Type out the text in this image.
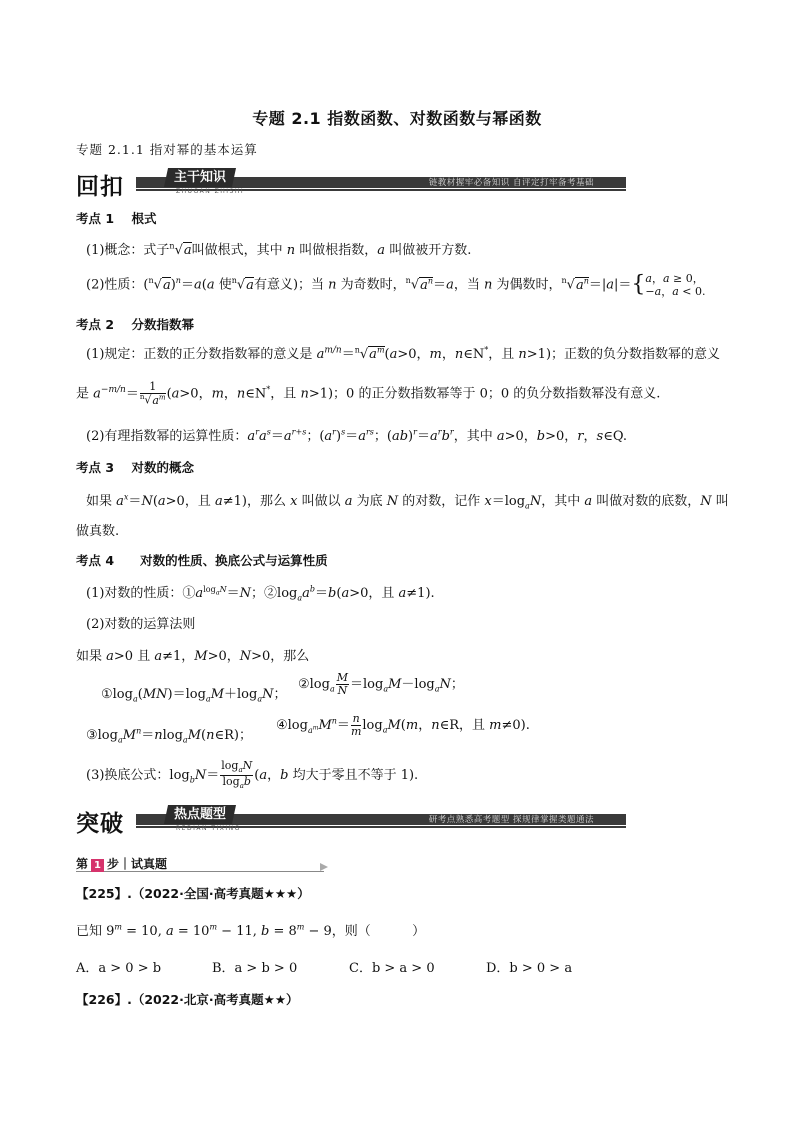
专题 2.1 指数函数、对数函数与幂函数
专题 2.1.1 指对幂的基本运算
回扣	主干知识
ZHUGAN ZHISHI
链教材握牢必备知识 自评定打牢备考基础
考点 1    根式
(1)概念：式子$^n$√a叫做根式，其中 n 叫做根指数，a 叫做被开方数.
(2)性质：$(^n√a)^n=a(a$ 使$^n$√a有意义)；当 n 为奇数时，$^n√a^n=a$，当 n 为偶数时，$^n√a^n=|a|=\{a$，a ≥ 0，
−a，a < 0.
考点 2    分数指数幂
(1)规定：正数的正分数指数幂的意义是 $a^{m/n}=^n√a^m(a>0$，m，n∈N*，且 n>1)；正数的负分数指数幂的意义
是 $a^{-m/n}= \frac{1}{^n√a^m} (a>0$，m，n∈N*，且 n>1)；0 的正分数指数幂等于 0；0 的负分数指数幂没有意义.
(2)有理指数幂的运算性质：$a^ra^s=a^{r+s}$；$(a^r)^s=a^{rs}$；$(ab)^r=a^rb^r$，其中 a>0，b>0，r，s∈Q.
考点 3    对数的概念
如果 $a^x=N(a>0$，且 a≠1)，那么 x 叫做以 a 为底 N 的对数，记作 $x=\log_aN$，其中 a 叫做对数的底数，N 叫
做真数.
考点 4      对数的性质、换底公式与运算性质
(1)对数的性质：$①a^{log_aN}=N$；$②\log_aa^b=b(a>0$，且 a≠1).
(2)对数的运算法则
如果 a>0 且 a≠1，M>0，N>0，那么
$①\log_a(MN)=\log_aM+\log_aN$；
$②\log_a \frac{M}{N} =\log_aM-\log_aN$；
$③\log_aM^n=nlog_aM(n\in R)$；
$④\log_{a^m}M^n= \frac{n}{m} \log_aM(m$，n∈R，且 m≠0).
(3)换底公式：$\log_bN= \frac{\log_aN}{\log_ab} (a$，b 均大于零且不等于 1).
突破	热点题型
REDIAN TIXING
研考点熟悉高考题型 探规律掌握类题通法
第 1 步｜试真题
【225】.（2022·全国·高考真题★★★）
已知 $9^m = 10$, $a = 10^m - 11$, $b = 8^m - 9$，则（          ）
A．a > 0 > b	B．a > b > 0	C．b > a > 0	D．b > 0 > a
【226】.（2022·北京·高考真题★★）
